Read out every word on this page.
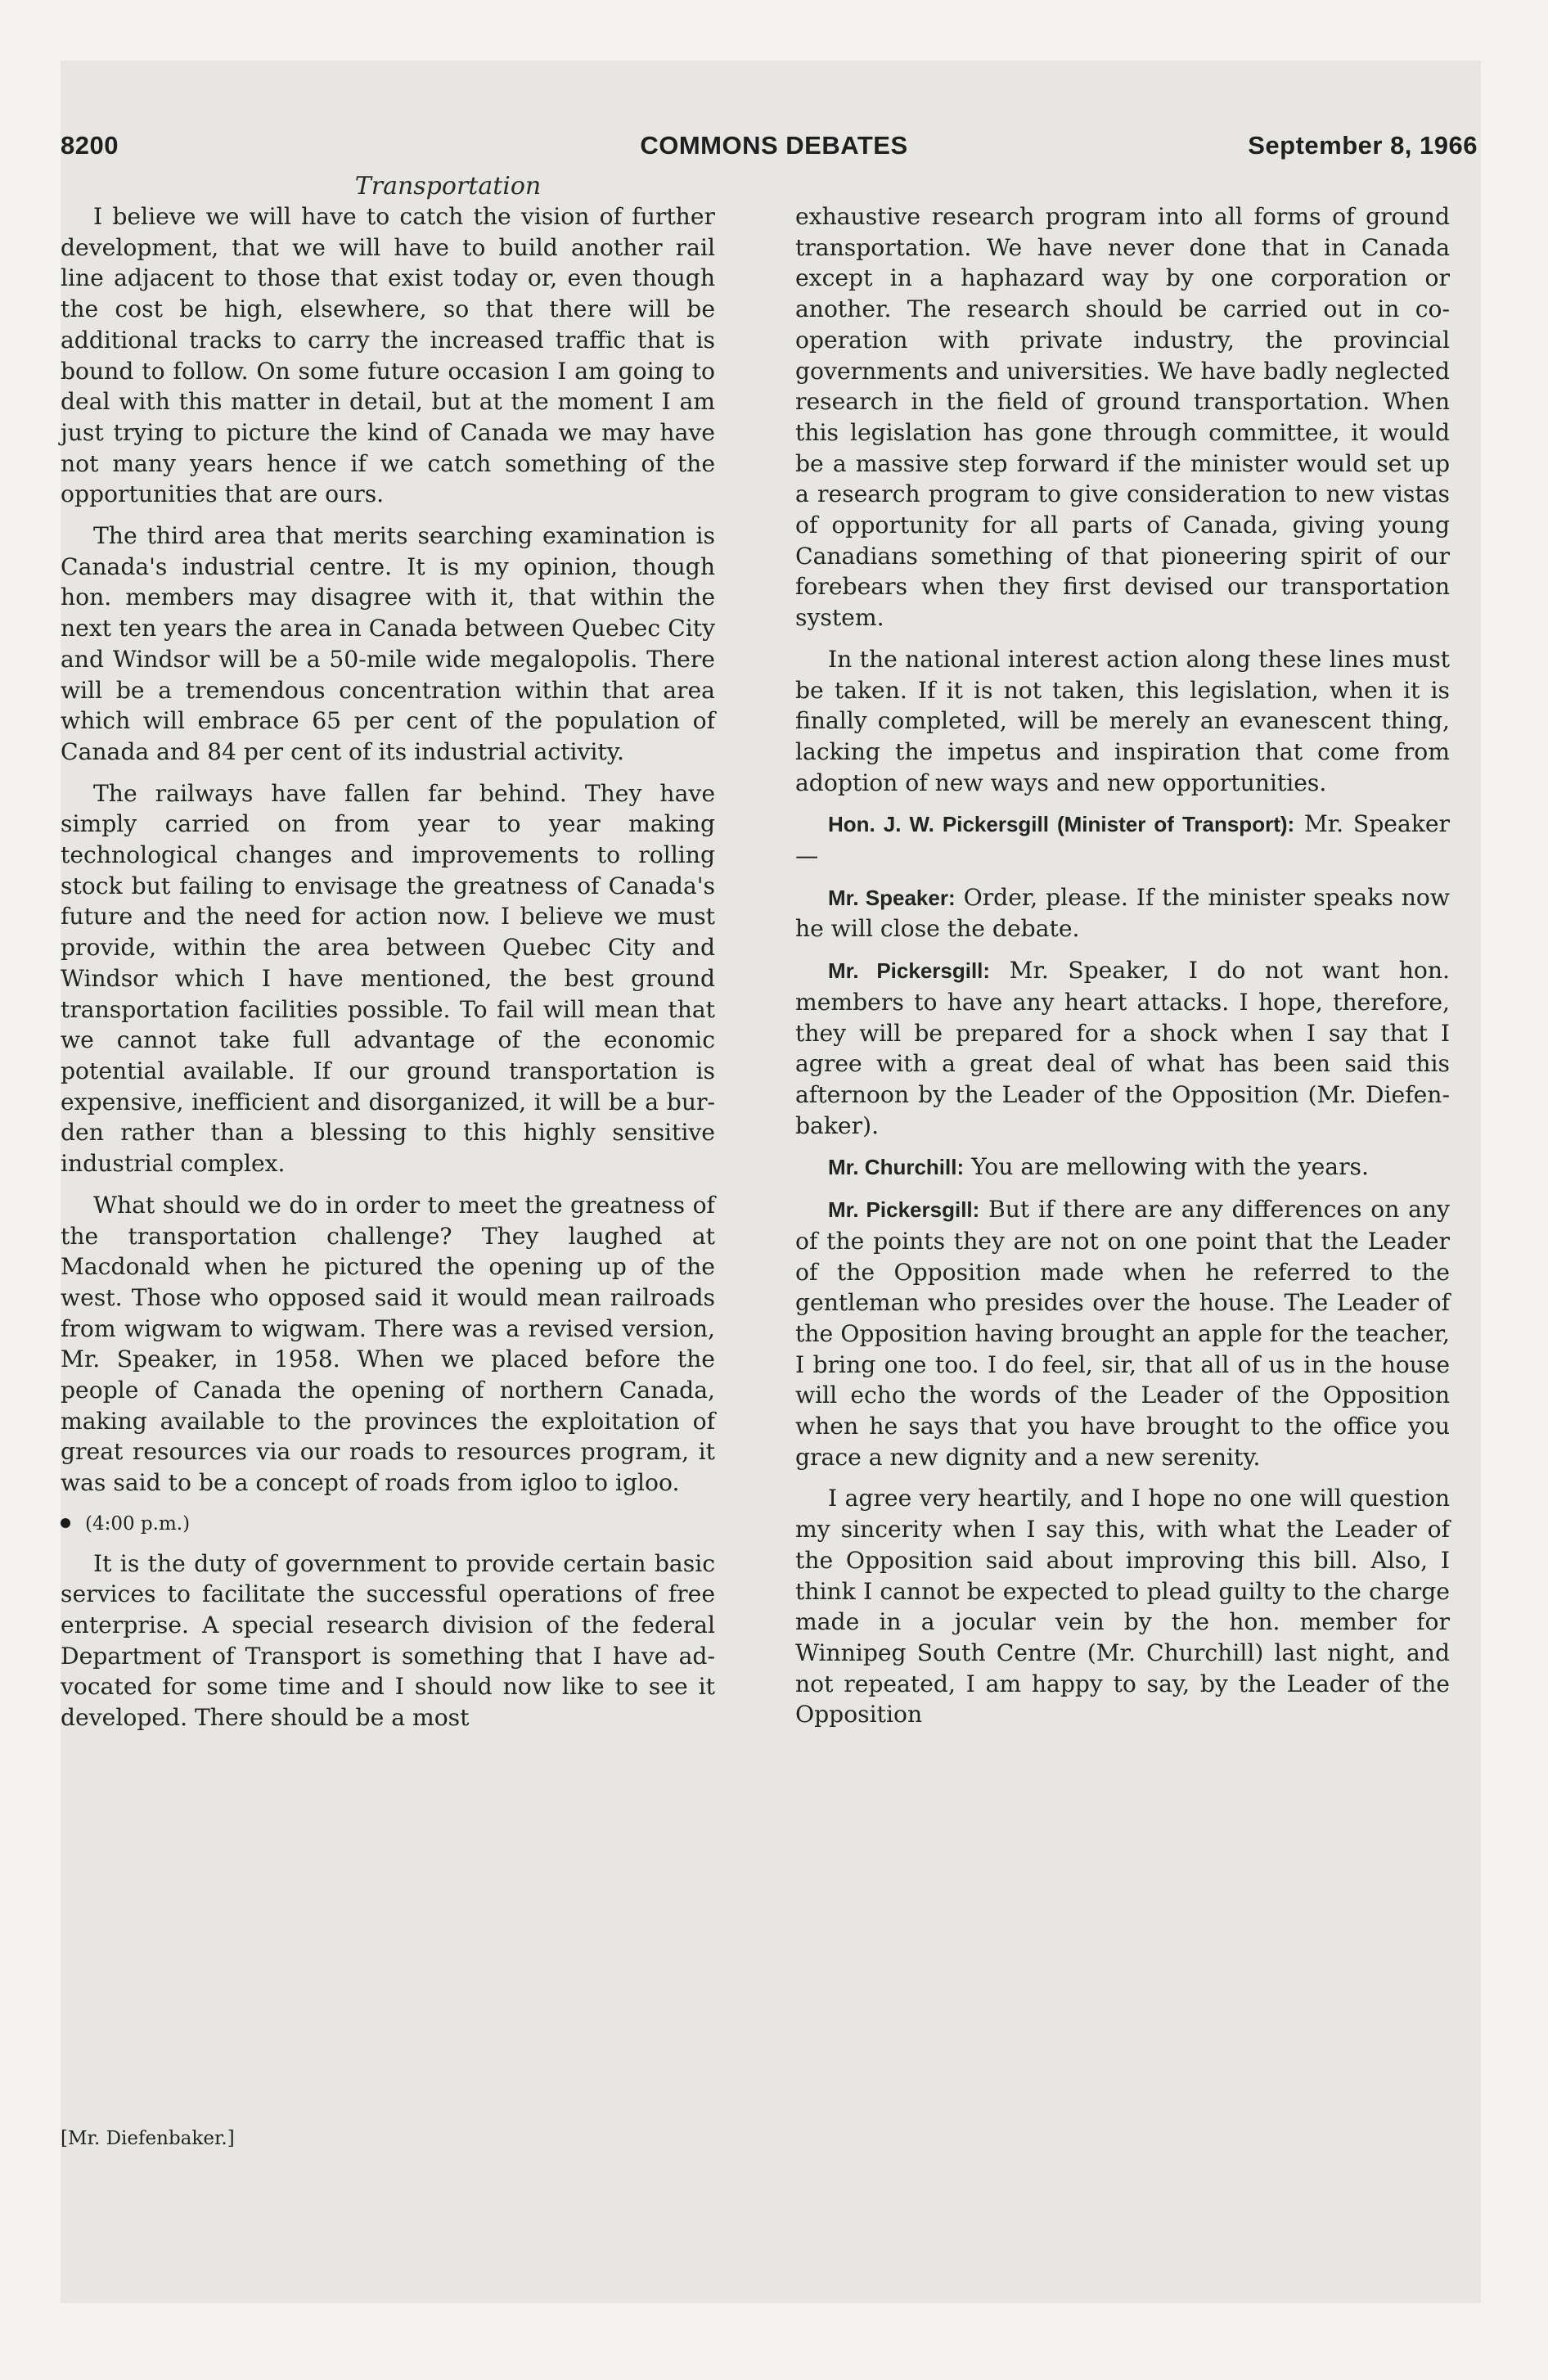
8200	COMMONS DEBATES	September 8, 1966
Transportation

I believe we will have to catch the vision of further development, that we will have to build another rail line adjacent to those that exist today or, even though the cost be high, elsewhere, so that there will be additional tracks to carry the increased traffic that is bound to follow. On some future occasion I am going to deal with this matter in detail, but at the moment I am just trying to picture the kind of Canada we may have not many years hence if we catch something of the opportunities that are ours.

The third area that merits searching examination is Canada's industrial centre. It is my opinion, though hon. members may disagree with it, that within the next ten years the area in Canada between Quebec City and Windsor will be a 50-mile wide megalopolis. There will be a tremendous concentration within that area which will embrace 65 per cent of the population of Canada and 84 per cent of its industrial activity.

The railways have fallen far behind. They have simply carried on from year to year making technological changes and improvements to rolling stock but failing to envisage the greatness of Canada's future and the need for action now. I believe we must provide, within the area between Quebec City and Windsor which I have mentioned, the best ground transportation facilities possible. To fail will mean that we cannot take full advantage of the economic potential available. If our ground transportation is expensive, inefficient and disorganized, it will be a burden rather than a blessing to this highly sensitive industrial complex.

What should we do in order to meet the greatness of the transportation challenge? They laughed at Macdonald when he pictured the opening up of the west. Those who opposed said it would mean railroads from wigwam to wigwam. There was a revised version, Mr. Speaker, in 1958. When we placed before the people of Canada the opening of northern Canada, making available to the provinces the exploitation of great resources via our roads to resources program, it was said to be a concept of roads from igloo to igloo.

(4:00 p.m.)

It is the duty of government to provide certain basic services to facilitate the successful operations of free enterprise. A special research division of the federal Department of Transport is something that I have advocated for some time and I should now like to see it developed. There should be a most

[Mr. Diefenbaker.]

exhaustive research program into all forms of ground transportation. We have never done that in Canada except in a haphazard way by one corporation or another. The research should be carried out in co-operation with private industry, the provincial governments and universities. We have badly neglected research in the field of ground transportation. When this legislation has gone through committee, it would be a massive step forward if the minister would set up a research program to give consideration to new vistas of opportunity for all parts of Canada, giving young Canadians something of that pioneering spirit of our forebears when they first devised our transportation system.

In the national interest action along these lines must be taken. If it is not taken, this legislation, when it is finally completed, will be merely an evanescent thing, lacking the impetus and inspiration that come from adoption of new ways and new opportunities.

Hon. J. W. Pickersgill (Minister of Transport): Mr. Speaker—

Mr. Speaker: Order, please. If the minister speaks now he will close the debate.

Mr. Pickersgill: Mr. Speaker, I do not want hon. members to have any heart attacks. I hope, therefore, they will be prepared for a shock when I say that I agree with a great deal of what has been said this afternoon by the Leader of the Opposition (Mr. Diefenbaker).

Mr. Churchill: You are mellowing with the years.

Mr. Pickersgill: But if there are any differences on any of the points they are not on one point that the Leader of the Opposition made when he referred to the gentleman who presides over the house. The Leader of the Opposition having brought an apple for the teacher, I bring one too. I do feel, sir, that all of us in the house will echo the words of the Leader of the Opposition when he says that you have brought to the office you grace a new dignity and a new serenity.

I agree very heartily, and I hope no one will question my sincerity when I say this, with what the Leader of the Opposition said about improving this bill. Also, I think I cannot be expected to plead guilty to the charge made in a jocular vein by the hon. member for Winnipeg South Centre (Mr. Churchill) last night, and not repeated, I am happy to say, by the Leader of the Opposition
